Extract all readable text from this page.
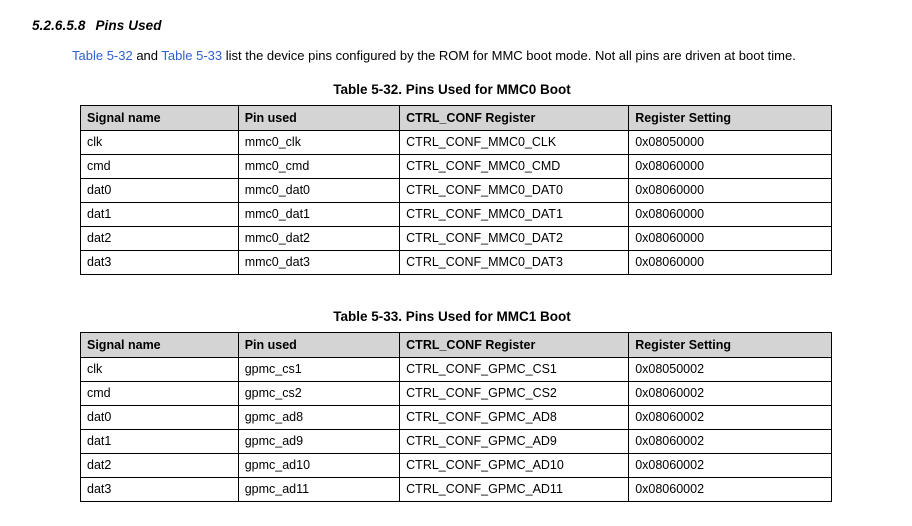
5.2.6.5.8 Pins Used

Table 5-32 and Table 5-33 list the device pins configured by the ROM for MMC boot mode. Not all pins are driven at boot time.

Table 5-32. Pins Used for MMC0 Boot
Signal name	Pin used	CTRL_CONF Register	Register Setting
clk	mmc0_clk	CTRL_CONF_MMC0_CLK	0x08050000
cmd	mmc0_cmd	CTRL_CONF_MMC0_CMD	0x08060000
dat0	mmc0_dat0	CTRL_CONF_MMC0_DAT0	0x08060000
dat1	mmc0_dat1	CTRL_CONF_MMC0_DAT1	0x08060000
dat2	mmc0_dat2	CTRL_CONF_MMC0_DAT2	0x08060000
dat3	mmc0_dat3	CTRL_CONF_MMC0_DAT3	0x08060000
Table 5-33. Pins Used for MMC1 Boot
Signal name	Pin used	CTRL_CONF Register	Register Setting
clk	gpmc_cs1	CTRL_CONF_GPMC_CS1	0x08050002
cmd	gpmc_cs2	CTRL_CONF_GPMC_CS2	0x08060002
dat0	gpmc_ad8	CTRL_CONF_GPMC_AD8	0x08060002
dat1	gpmc_ad9	CTRL_CONF_GPMC_AD9	0x08060002
dat2	gpmc_ad10	CTRL_CONF_GPMC_AD10	0x08060002
dat3	gpmc_ad11	CTRL_CONF_GPMC_AD11	0x08060002
